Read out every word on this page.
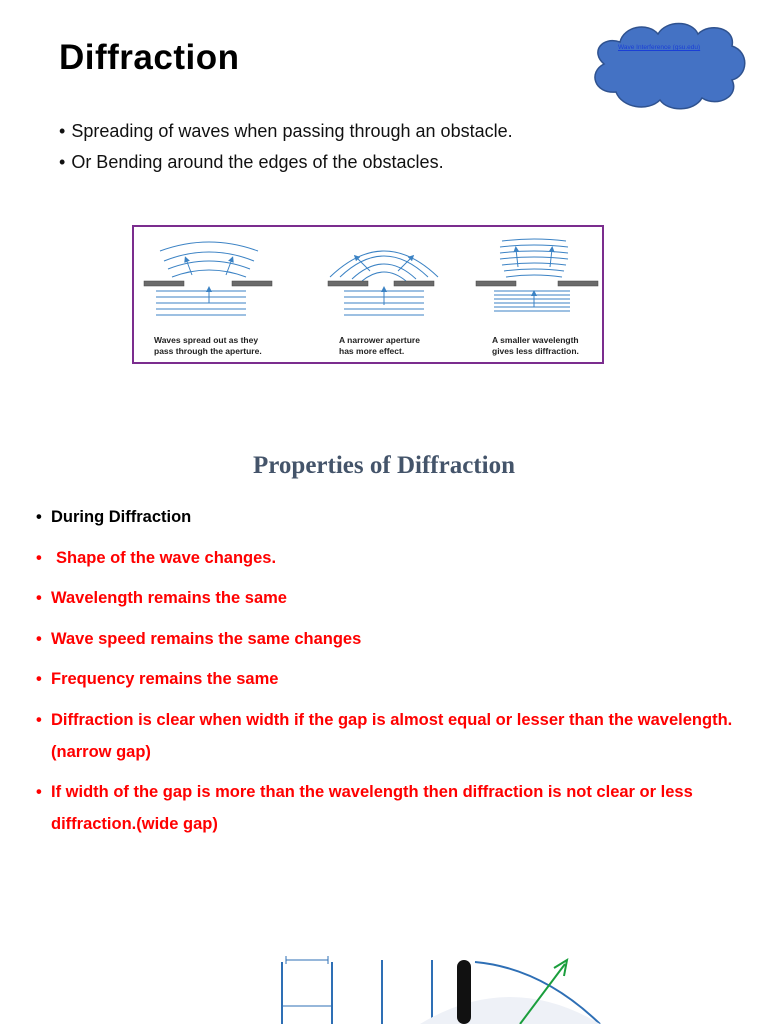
Diffraction	Wave Interference (gsu.edu)
• Spreading of waves when passing through an obstacle.
• Or Bending around the edges of the obstacles.
Waves spread out as they
pass through the aperture.
A narrower aperture
has more effect.
A smaller wavelength
gives less diffraction.
Properties of Diffraction
• During Diffraction
• Shape of the wave changes.
• Wavelength remains the same
• Wave speed remains the same changes
• Frequency remains the same
• Diffraction is clear when width if the gap is almost equal or lesser than the wavelength.(narrow gap)
• If width of the gap is more than the wavelength then diffraction is not clear or less diffraction.(wide gap)
